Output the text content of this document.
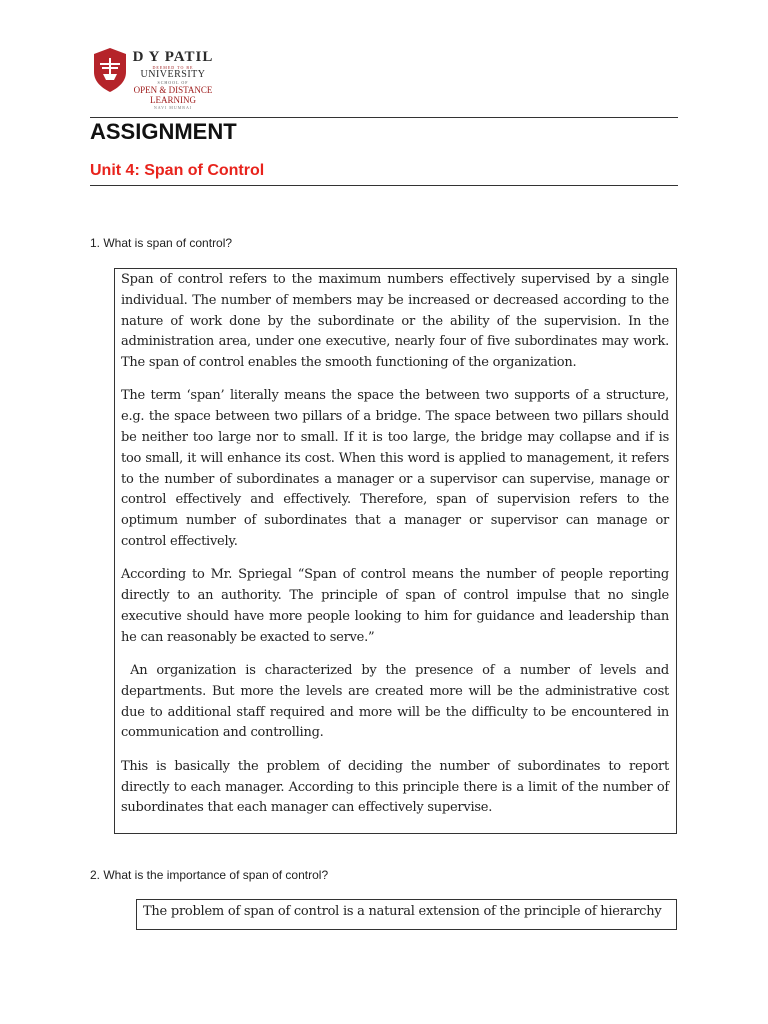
D Y PATIL
DEEMED TO BE
UNIVERSITY
SCHOOL OF
OPEN & DISTANCE
LEARNING
NAVI MUMBAI
ASSIGNMENT
Unit 4: Span of Control
1. What is span of control?

Span of control refers to the maximum numbers effectively supervised by a single individual. The number of members may be increased or decreased according to the nature of work done by the subordinate or the ability of the supervision. In the administration area, under one executive, nearly four of five subordinates may work. The span of control enables the smooth functioning of the organization.

The term ‘span’ literally means the space the between two supports of a structure, e.g. the space between two pillars of a bridge. The space between two pillars should be neither too large nor to small. If it is too large, the bridge may collapse and if is too small, it will enhance its cost. When this word is applied to management, it refers to the number of subordinates a manager or a supervisor can supervise, manage or control effectively and effectively. Therefore, span of supervision refers to the optimum number of subordinates that a manager or supervisor can manage or control effectively.

According to Mr. Spriegal “Span of control means the number of people reporting directly to an authority. The principle of span of control impulse that no single executive should have more people looking to him for guidance and leadership than he can reasonably be exacted to serve.”

An organization is characterized by the presence of a number of levels and departments. But more the levels are created more will be the administrative cost due to additional staff required and more will be the difficulty to be encountered in communication and controlling.

This is basically the problem of deciding the number of subordinates to report directly to each manager. According to this principle there is a limit of the number of subordinates that each manager can effectively supervise.

2. What is the importance of span of control?

The problem of span of control is a natural extension of the principle of hierarchy
